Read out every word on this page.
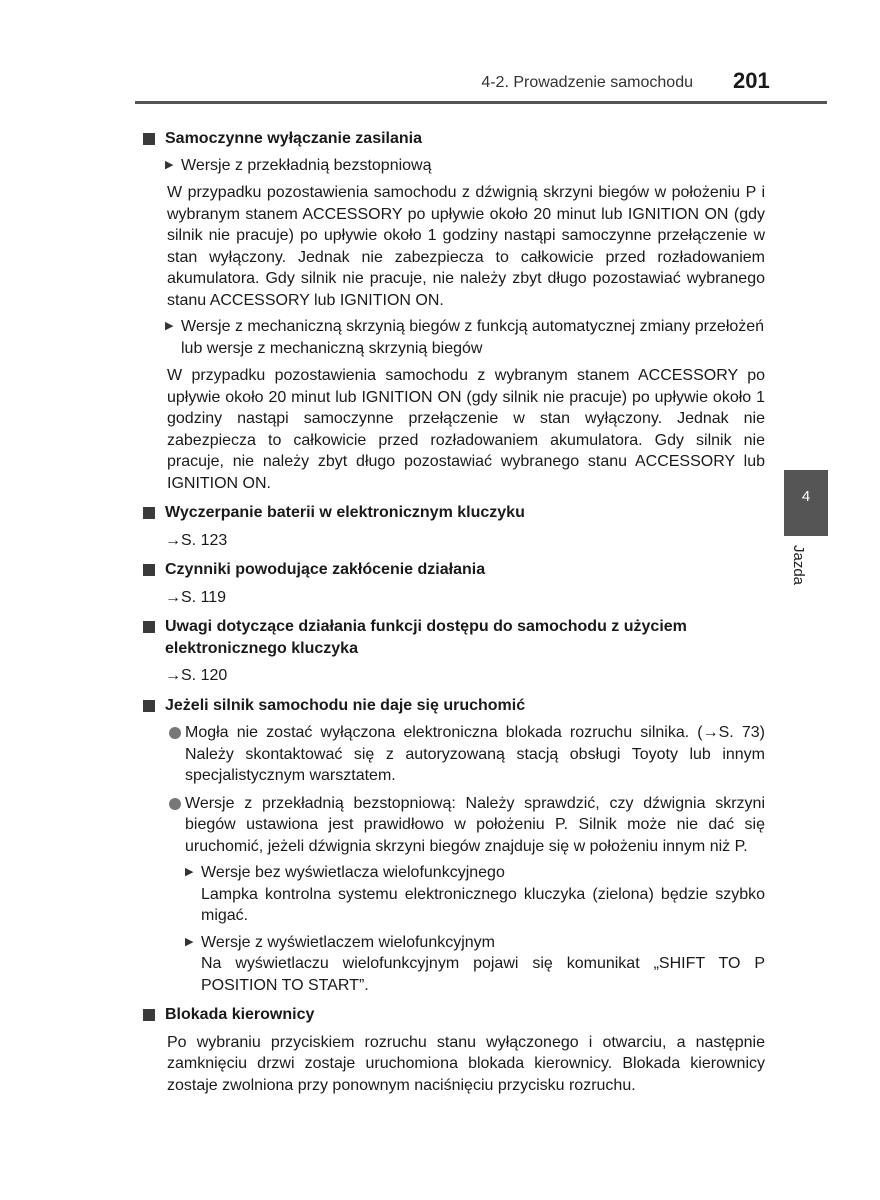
4-2. Prowadzenie samochodu 201

Samoczynne wyłączanie zasilania

▶ Wersje z przekładnią bezstopniową
W przypadku pozostawienia samochodu z dźwignią skrzyni biegów w położeniu P i wybranym stanem ACCESSORY po upływie około 20 minut lub IGNITION ON (gdy silnik nie pracuje) po upływie około 1 godziny nastąpi samoczynne przełączenie w stan wyłączony. Jednak nie zabezpiecza to całkowicie przed rozładowaniem akumulatora. Gdy silnik nie pracuje, nie należy zbyt długo pozostawiać wybranego stanu ACCESSORY lub IGNITION ON.
▶ Wersje z mechaniczną skrzynią biegów z funkcją automatycznej zmiany przełożeń lub wersje z mechaniczną skrzynią biegów
W przypadku pozostawienia samochodu z wybranym stanem ACCESSORY po upływie około 20 minut lub IGNITION ON (gdy silnik nie pracuje) po upływie około 1 godziny nastąpi samoczynne przełączenie w stan wyłączony. Jednak nie zabezpiecza to całkowicie przed rozładowaniem akumulatora. Gdy silnik nie pracuje, nie należy zbyt długo pozostawiać wybranego stanu ACCESSORY lub IGNITION ON.

Wyczerpanie baterii w elektronicznym kluczyku

→S. 123

Czynniki powodujące zakłócenie działania

→S. 119

Uwagi dotyczące działania funkcji dostępu do samochodu z użyciem elektronicznego kluczyka

→S. 120

Jeżeli silnik samochodu nie daje się uruchomić

Mogła nie zostać wyłączona elektroniczna blokada rozruchu silnika. (→S. 73) Należy skontaktować się z autoryzowaną stacją obsługi Toyoty lub innym specjalistycznym warsztatem.
Wersje z przekładnią bezstopniową: Należy sprawdzić, czy dźwignia skrzyni biegów ustawiona jest prawidłowo w położeniu P. Silnik może nie dać się uruchomić, jeżeli dźwignia skrzyni biegów znajduje się w położeniu innym niż P.
▶ Wersje bez wyświetlacza wielofunkcyjnego
Lampka kontrolna systemu elektronicznego kluczyka (zielona) będzie szybko migać.
▶ Wersje z wyświetlaczem wielofunkcyjnym
Na wyświetlaczu wielofunkcyjnym pojawi się komunikat „SHIFT TO P POSITION TO START”.

Blokada kierownicy

Po wybraniu przyciskiem rozruchu stanu wyłączonego i otwarciu, a następnie zamknięciu drzwi zostaje uruchomiona blokada kierownicy. Blokada kierownicy zostaje zwolniona przy ponownym naciśnięciu przycisku rozruchu.
4
Jazda
